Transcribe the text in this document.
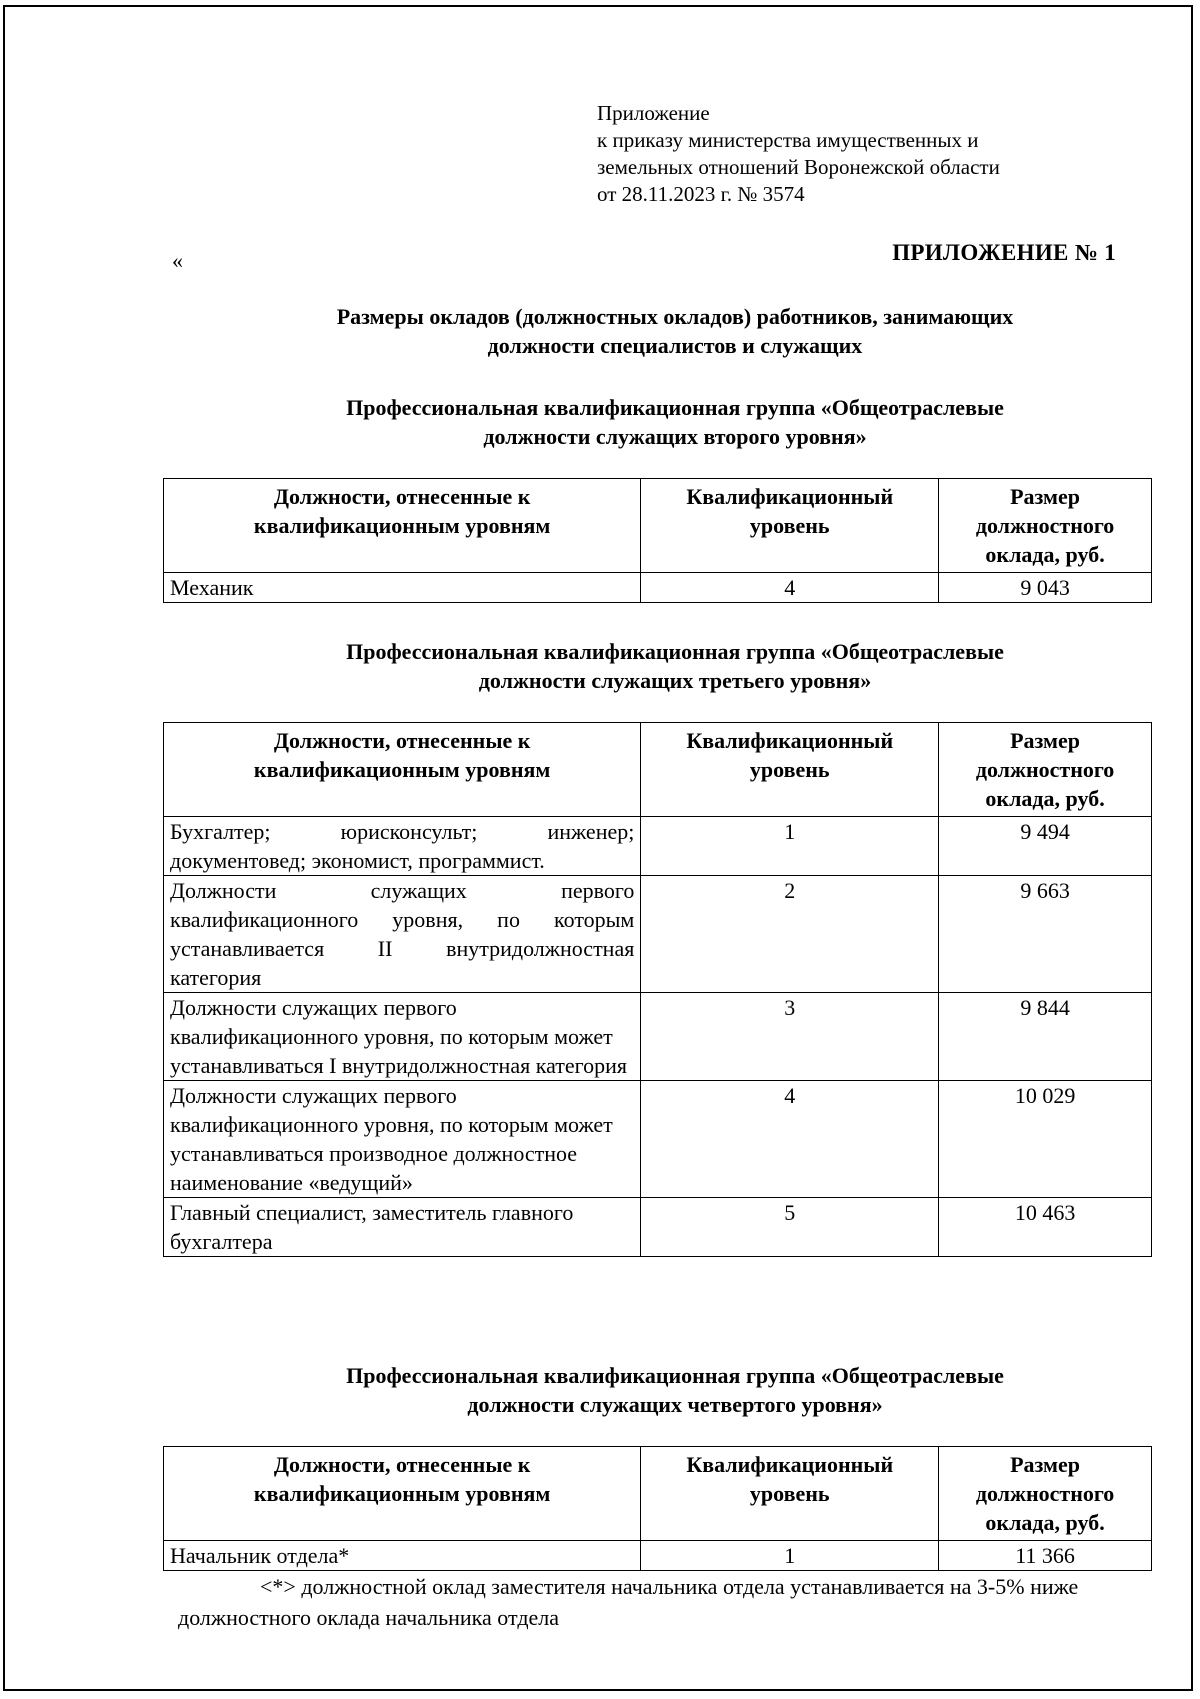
Приложение
к приказу министерства имущественных и
земельных отношений Воронежской области
от 28.11.2023 г. № 3574
«	ПРИЛОЖЕНИЕ № 1
Размеры окладов (должностных окладов) работников, занимающих
должности специалистов и служащих
Профессиональная квалификационная группа «Общеотраслевые
должности служащих второго уровня»
Должности, отнесенные к квалификационным уровням	Квалификационный уровень	Размер должностного оклада, руб.
Механик	4	9 043
Профессиональная квалификационная группа «Общеотраслевые
должности служащих третьего уровня»
Должности, отнесенные к квалификационным уровням	Квалификационный уровень	Размер должностного оклада, руб.
Бухгалтер; юрисконсульт; инженер; документовед; экономист, программист.	1	9 494
Должности служащих первого квалификационного уровня, по которым устанавливается II внутридолжностная категория	2	9 663
Должности служащих первого квалификационного уровня, по которым может устанавливаться I внутридолжностная категория	3	9 844
Должности служащих первого квалификационного уровня, по которым может устанавливаться производное должностное наименование «ведущий»	4	10 029
Главный специалист, заместитель главного бухгалтера	5	10 463
Профессиональная квалификационная группа «Общеотраслевые
должности служащих четвертого уровня»
Должности, отнесенные к квалификационным уровням	Квалификационный уровень	Размер должностного оклада, руб.
Начальник отдела*	1	11 366

<*> должностной оклад заместителя начальника отдела устанавливается на 3-5% ниже должностного оклада начальника отдела
